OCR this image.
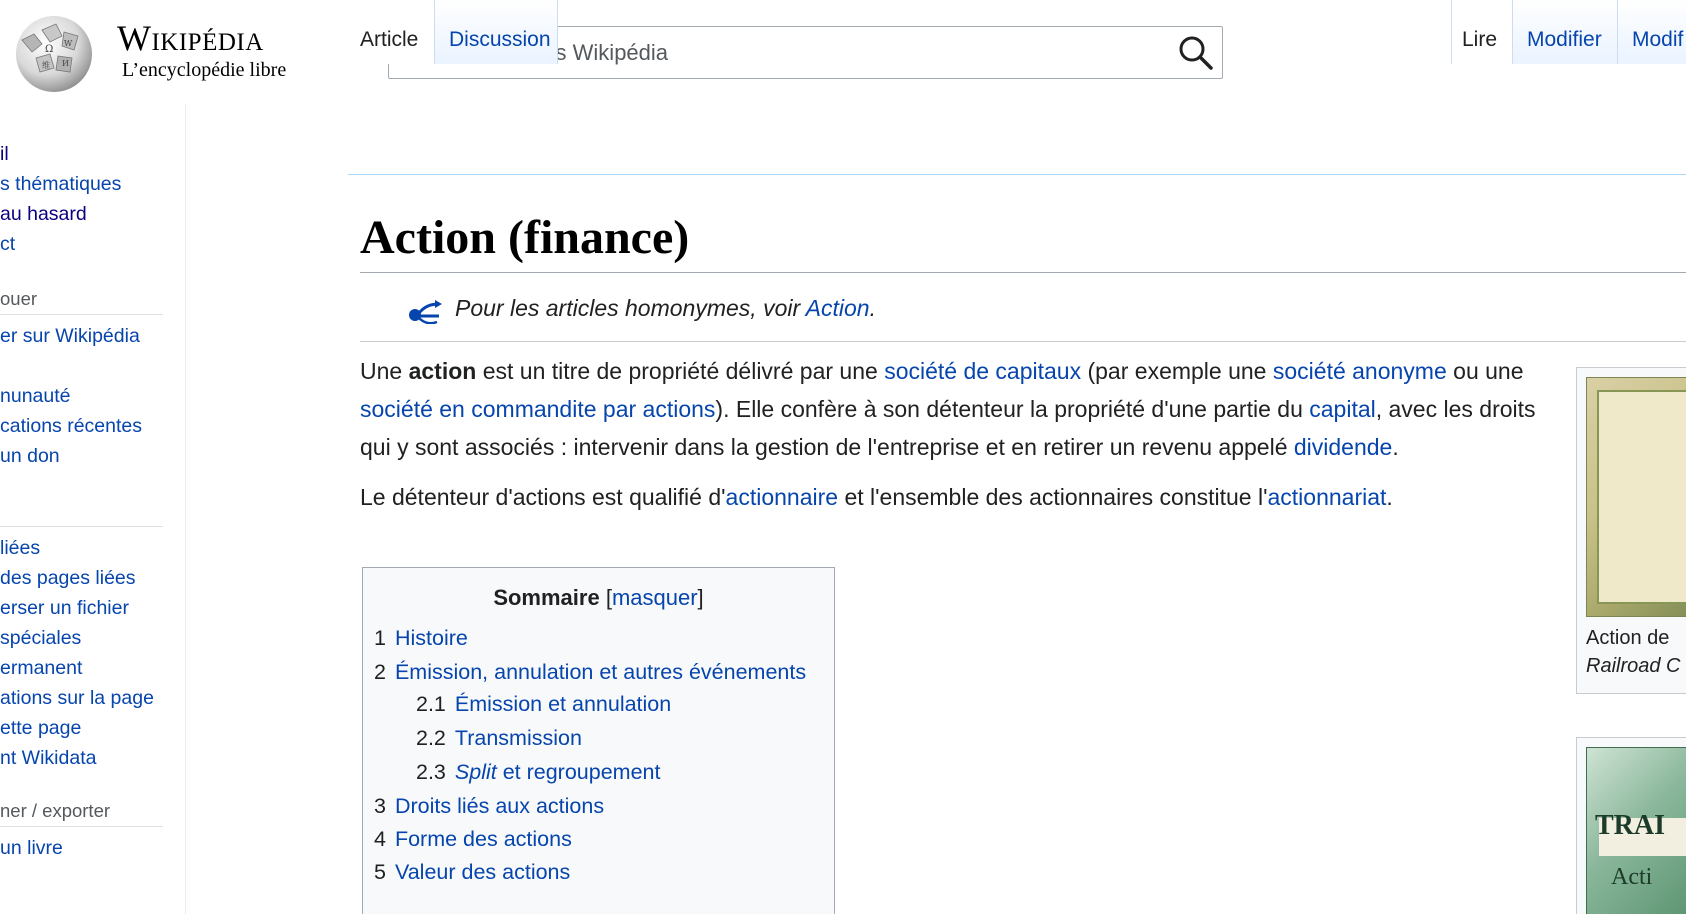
Ω
W
И
维
Wikipédia
L’encyclopédie libre
Rechercher dans Wikipédia
il
s thématiques
au hasard
ct
ouer
er sur Wikipédia
nunauté
cations récentes
un don
liées
des pages liées
erser un fichier
spéciales
ermanent
ations sur la page
ette page
nt Wikidata
ner / exporter
un livre
Article	Discussion	Lire	Modifier	Modif
Action (finance)
Pour les articles homonymes, voir Action.

Une action est un titre de propriété délivré par une société de capitaux (par exemple une société anonyme ou une société en commandite par actions). Elle confère à son détenteur la propriété d'une partie du capital, avec les droits qui y sont associés : intervenir dans la gestion de l'entreprise et en retirer un revenu appelé dividende.

Le détenteur d'actions est qualifié d'actionnaire et l'ensemble des actionnaires constitue l'actionnariat.

Sommaire [masquer]
1 Histoire
2 Émission, annulation et autres événements
2.1 Émission et annulation
2.2 Transmission
2.3 Split et regroupement
3 Droits liés aux actions
4 Forme des actions
5 Valeur des actions
Action de
Railroad C
TRAI
Acti
